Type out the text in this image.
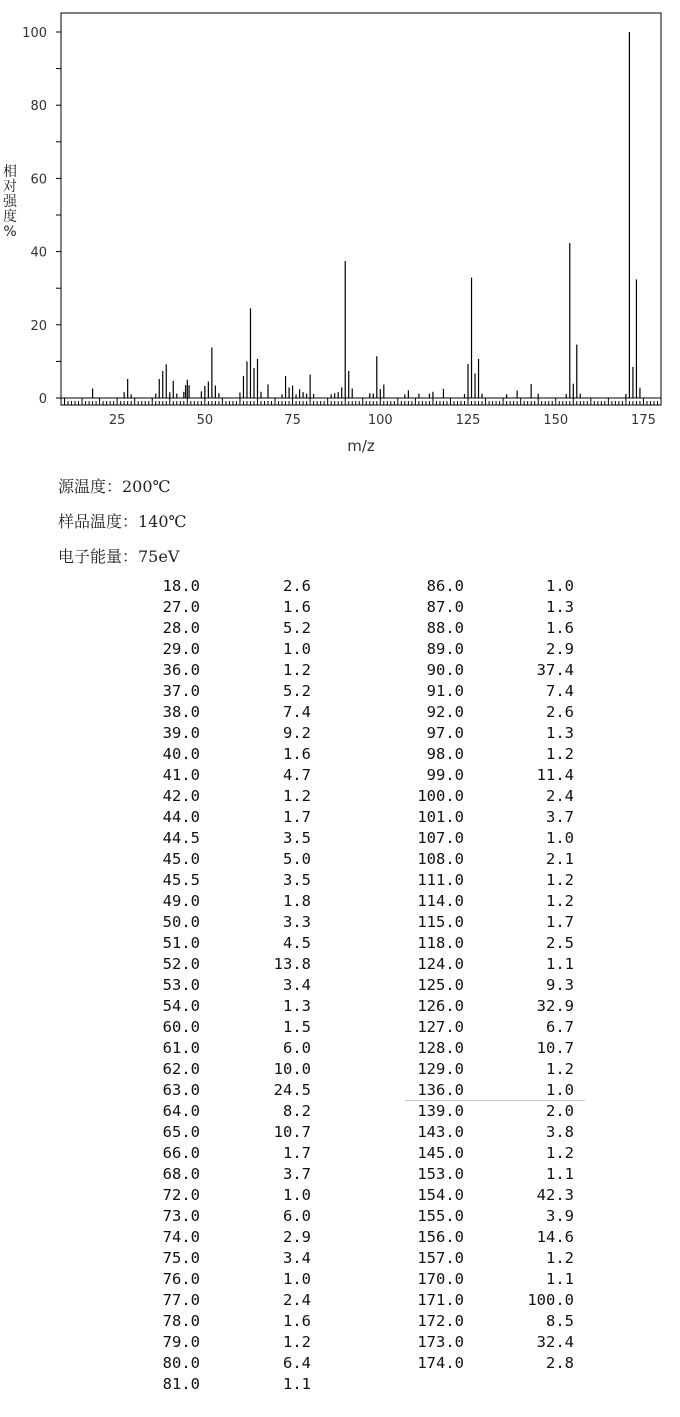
0
20
40
60
80
100
25	50	75	100	125	150	175
m/z
相
对
强
度
%
源温度：200℃
样品温度：140℃
电子能量：75eV
18.0	2.6
27.0	1.6
28.0	5.2
29.0	1.0
36.0	1.2
37.0	5.2
38.0	7.4
39.0	9.2
40.0	1.6
41.0	4.7
42.0	1.2
44.0	1.7
44.5	3.5
45.0	5.0
45.5	3.5
49.0	1.8
50.0	3.3
51.0	4.5
52.0	13.8
53.0	3.4
54.0	1.3
60.0	1.5
61.0	6.0
62.0	10.0
63.0	24.5
64.0	8.2
65.0	10.7
66.0	1.7
68.0	3.7
72.0	1.0
73.0	6.0
74.0	2.9
75.0	3.4
76.0	1.0
77.0	2.4
78.0	1.6
79.0	1.2
80.0	6.4
81.0	1.1
86.0	1.0
87.0	1.3
88.0	1.6
89.0	2.9
90.0	37.4
91.0	7.4
92.0	2.6
97.0	1.3
98.0	1.2
99.0	11.4
100.0	2.4
101.0	3.7
107.0	1.0
108.0	2.1
111.0	1.2
114.0	1.2
115.0	1.7
118.0	2.5
124.0	1.1
125.0	9.3
126.0	32.9
127.0	6.7
128.0	10.7
129.0	1.2
136.0	1.0
139.0	2.0
143.0	3.8
145.0	1.2
153.0	1.1
154.0	42.3
155.0	3.9
156.0	14.6
157.0	1.2
170.0	1.1
171.0	100.0
172.0	8.5
173.0	32.4
174.0	2.8
